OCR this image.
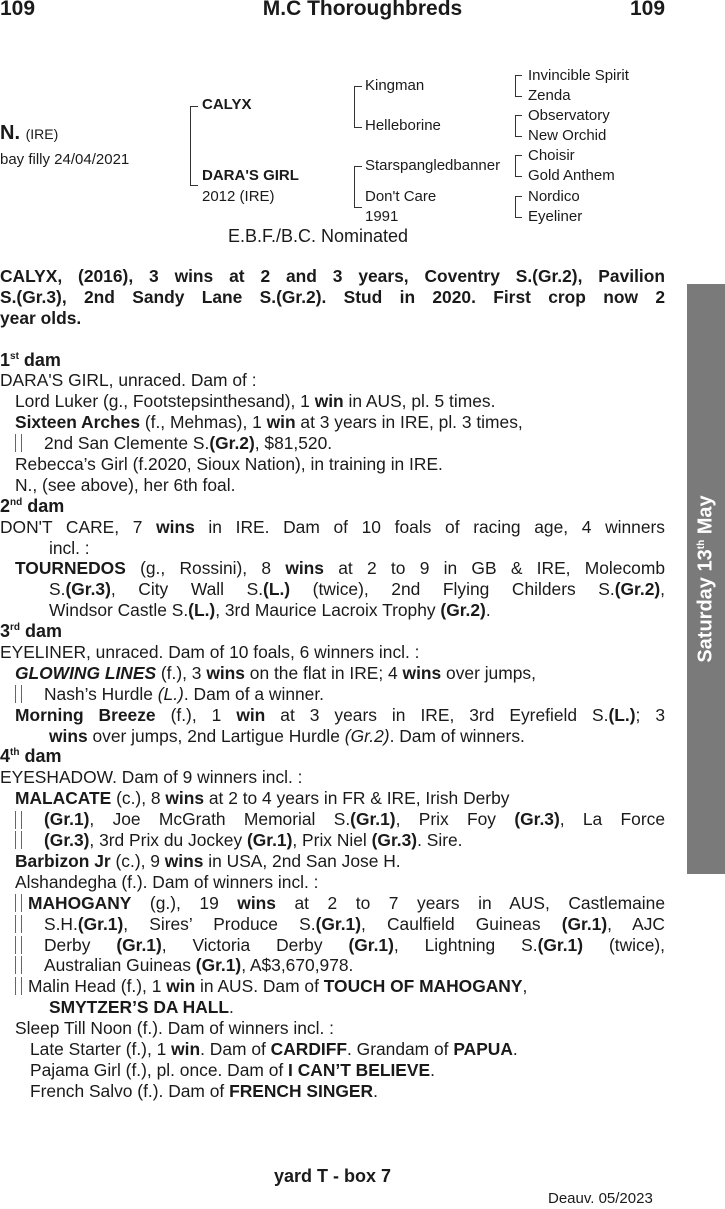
109	M.C Thoroughbreds	109
N. (IRE)
bay filly 24/04/2021
CALYX
DARA'S GIRL
2012 (IRE)
Kingman
Helleborine
Starspangledbanner
Don't Care
1991
Invincible Spirit
Zenda
Observatory
New Orchid
Choisir
Gold Anthem
Nordico
Eyeliner
E.B.F./B.C. Nominated
CALYX, (2016), 3 wins at 2 and 3 years, Coventry S.(Gr.2), Pavilion
S.(Gr.3), 2nd Sandy Lane S.(Gr.2). Stud in 2020. First crop now 2
year olds.
1st dam
DARA'S GIRL, unraced. Dam of :
Lord Luker (g., Footstepsinthesand), 1 win in AUS, pl. 5 times.
Sixteen Arches (f., Mehmas), 1 win at 3 years in IRE, pl. 3 times,
2nd San Clemente S.(Gr.2), $81,520.
Rebecca’s Girl (f.2020, Sioux Nation), in training in IRE.
N., (see above), her 6th foal.
2nd dam
DON'T CARE, 7 wins in IRE. Dam of 10 foals of racing age, 4 winners
incl. :
TOURNEDOS (g., Rossini), 8 wins at 2 to 9 in GB & IRE, Molecomb
S.(Gr.3), City Wall S.(L.) (twice), 2nd Flying Childers S.(Gr.2),
Windsor Castle S.(L.), 3rd Maurice Lacroix Trophy (Gr.2).
3rd dam
EYELINER, unraced. Dam of 10 foals, 6 winners incl. :
GLOWING LINES (f.), 3 wins on the flat in IRE; 4 wins over jumps,
Nash’s Hurdle (L.). Dam of a winner.
Morning Breeze (f.), 1 win at 3 years in IRE, 3rd Eyrefield S.(L.); 3
wins over jumps, 2nd Lartigue Hurdle (Gr.2). Dam of winners.
4th dam
EYESHADOW. Dam of 9 winners incl. :
MALACATE (c.), 8 wins at 2 to 4 years in FR & IRE, Irish Derby
(Gr.1), Joe McGrath Memorial S.(Gr.1), Prix Foy (Gr.3), La Force
(Gr.3), 3rd Prix du Jockey (Gr.1), Prix Niel (Gr.3). Sire.
Barbizon Jr (c.), 9 wins in USA, 2nd San Jose H.
Alshandegha (f.). Dam of winners incl. :
MAHOGANY (g.), 19 wins at 2 to 7 years in AUS, Castlemaine
S.H.(Gr.1), Sires’ Produce S.(Gr.1), Caulfield Guineas (Gr.1), AJC
Derby (Gr.1), Victoria Derby (Gr.1), Lightning S.(Gr.1) (twice),
Australian Guineas (Gr.1), A$3,670,978.
Malin Head (f.), 1 win in AUS. Dam of TOUCH OF MAHOGANY,
SMYTZER’S DA HALL.
Sleep Till Noon (f.). Dam of winners incl. :
Late Starter (f.), 1 win. Dam of CARDIFF. Grandam of PAPUA.
Pajama Girl (f.), pl. once. Dam of I CAN’T BELIEVE.
French Salvo (f.). Dam of FRENCH SINGER.
Saturday 13th May
yard T - box 7
Deauv. 05/2023
